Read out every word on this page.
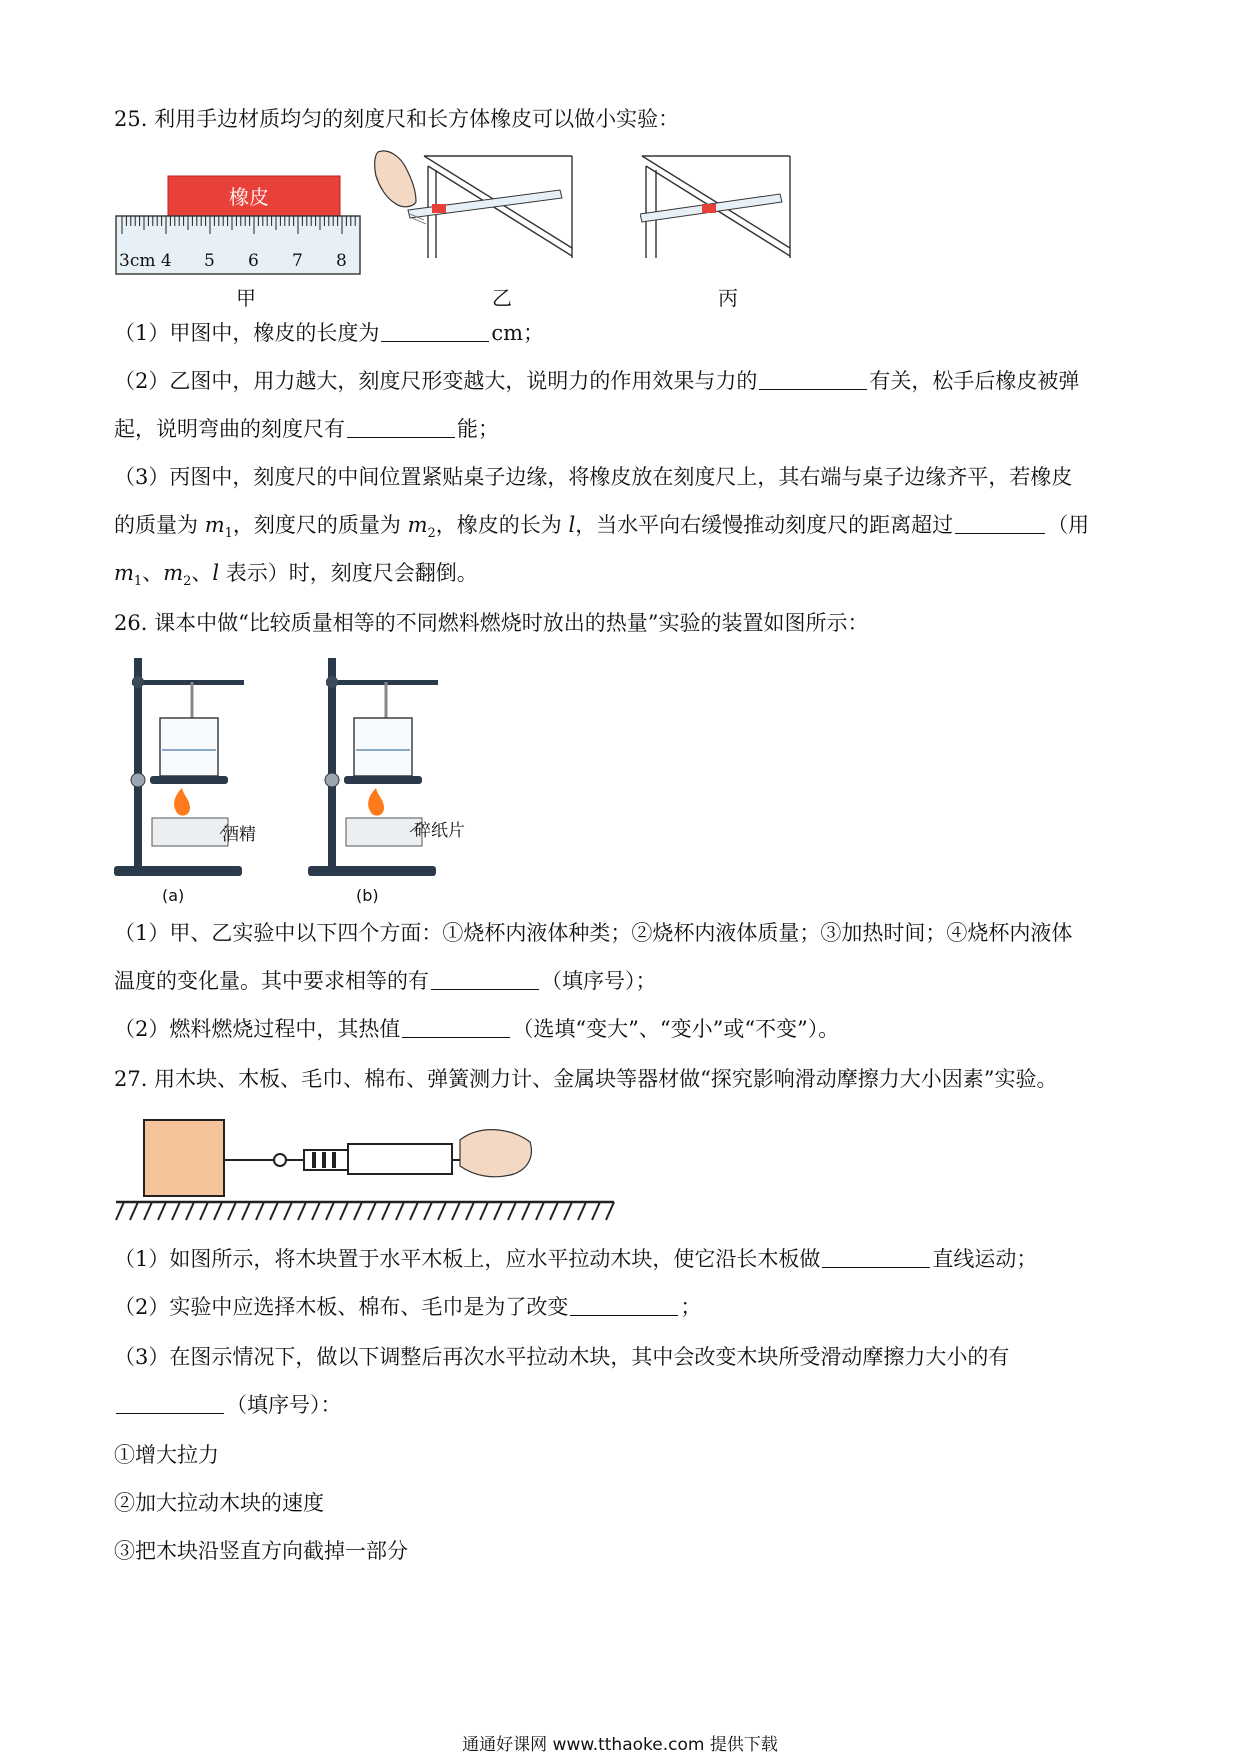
25. 利用手边材质均匀的刻度尺和长方体橡皮可以做小实验：
橡皮
3cm 4 5 6 7 8
甲	乙	丙
（1）甲图中，橡皮的长度为	cm；
（2）乙图中，用力越大，刻度尺形变越大，说明力的作用效果与力的	有关，松手后橡皮被弹
起，说明弯曲的刻度尺有	能；
（3）丙图中，刻度尺的中间位置紧贴桌子边缘，将橡皮放在刻度尺上，其右端与桌子边缘齐平，若橡皮
的质量为 $m_1$，刻度尺的质量为 $m_2$，橡皮的长为 l，当水平向右缓慢推动刻度尺的距离超过	（用
$m_1$、$m_2$、l 表示）时，刻度尺会翻倒。
26. 课本中做“比较质量相等的不同燃料燃烧时放出的热量”实验的装置如图所示：
酒精	碎纸片
(a)	(b)
（1）甲、乙实验中以下四个方面：①烧杯内液体种类；②烧杯内液体质量；③加热时间；④烧杯内液体
温度的变化量。其中要求相等的有	（填序号）；
（2）燃料燃烧过程中，其热值	（选填“变大”、“变小”或“不变”）。
27. 用木块、木板、毛巾、棉布、弹簧测力计、金属块等器材做“探究影响滑动摩擦力大小因素”实验。
（1）如图所示，将木块置于水平木板上，应水平拉动木块，使它沿长木板做	直线运动；
（2）实验中应选择木板、棉布、毛巾是为了改变	；
（3）在图示情况下，做以下调整后再次水平拉动木块，其中会改变木块所受滑动摩擦力大小的有
（填序号）：
①增大拉力
②加大拉动木块的速度
③把木块沿竖直方向截掉一部分
通通好课网 www.tthaoke.com 提供下载
